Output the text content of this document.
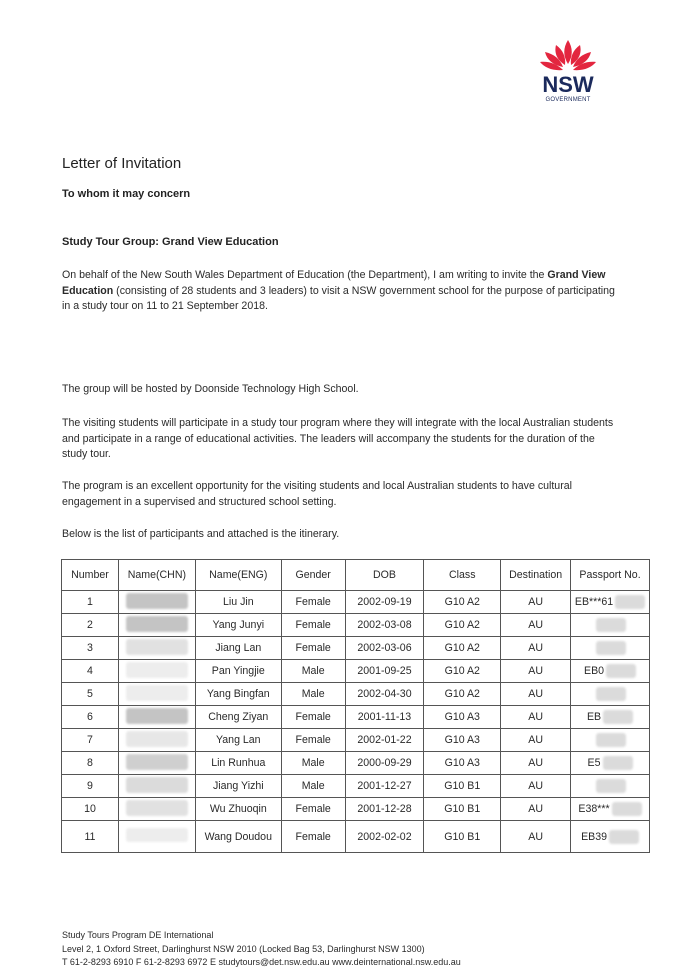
NSW
GOVERNMENT
Letter of Invitation
To whom it may concern
Study Tour Group: Grand View Education
On behalf of the New South Wales Department of Education (the Department), I am writing to invite the Grand View Education (consisting of 28 students and 3 leaders) to visit a NSW government school for the purpose of participating in a study tour on 11 to 21 September 2018.
The group will be hosted by Doonside Technology High School.
The visiting students will participate in a study tour program where they will integrate with the local Australian students and participate in a range of educational activities. The leaders will accompany the students for the duration of the study tour.
The program is an excellent opportunity for the visiting students and local Australian students to have cultural engagement in a supervised and structured school setting.
Below is the list of participants and attached is the itinerary.
Number	Name(CHN)	Name(ENG)	Gender	DOB	Class	Destination	Passport No.
1		Liu Jin	Female	2002-09-19	G10 A2	AU	EB***61
2		Yang Junyi	Female	2002-03-08	G10 A2	AU	
3		Jiang Lan	Female	2002-03-06	G10 A2	AU	
4		Pan Yingjie	Male	2001-09-25	G10 A2	AU	EB0
5		Yang Bingfan	Male	2002-04-30	G10 A2	AU	
6		Cheng Ziyan	Female	2001-11-13	G10 A3	AU	EB
7		Yang Lan	Female	2002-01-22	G10 A3	AU	
8		Lin Runhua	Male	2000-09-29	G10 A3	AU	E5
9		Jiang Yizhi	Male	2001-12-27	G10 B1	AU	
10		Wu Zhuoqin	Female	2001-12-28	G10 B1	AU	E38***
11		Wang Doudou	Female	2002-02-02	G10 B1	AU	EB39
Study Tours Program DE International
Level 2, 1 Oxford Street, Darlinghurst NSW 2010 (Locked Bag 53, Darlinghurst NSW 1300)
T 61-2-8293 6910 F 61-2-8293 6972 E studytours@det.nsw.edu.au www.deinternational.nsw.edu.au
